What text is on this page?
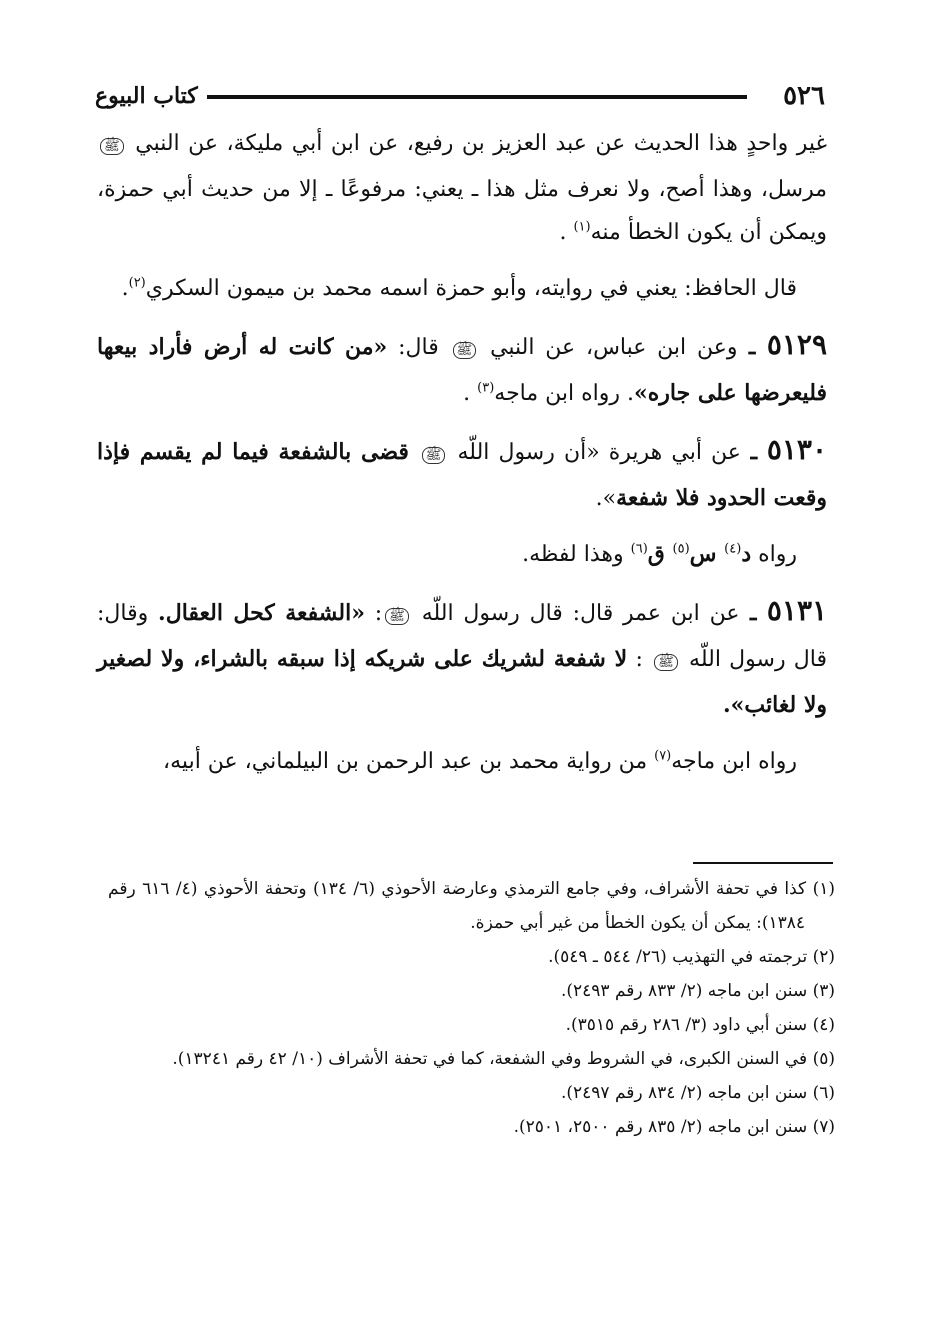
٥٢٦
كتاب البيوع

غير واحدٍ هذا الحديث عن عبد العزيز بن رفيع، عن ابن أبي مليكة، عن النبي ﷺ مرسل، وهذا أصح، ولا نعرف مثل هذا ـ يعني: مرفوعًا ـ إلا من حديث أبي حمزة، ويمكن أن يكون الخطأ منه$^{(١)}$ .

قال الحافظ: يعني في روايته، وأبو حمزة اسمه محمد بن ميمون السكري$^{(٢)}$.

٥١٢٩ ـ وعن ابن عباس، عن النبي ﷺ قال: «من كانت له أرض فأراد بيعها فليعرضها على جاره». رواه ابن ماجه$^{(٣)}$ .

٥١٣٠ ـ عن أبي هريرة «أن رسول اللّه ﷺ قضى بالشفعة فيما لم يقسم فإذا وقعت الحدود فلا شفعة».

رواه د$^{(٤)}$ س$^{(٥)}$ ق$^{(٦)}$ وهذا لفظه.

٥١٣١ ـ عن ابن عمر قال: قال رسول اللّه ﷺ: «الشفعة كحل العقال. وقال: قال رسول اللّه ﷺ : لا شفعة لشريك على شريكه إذا سبقه بالشراء، ولا لصغير ولا لغائب».

رواه ابن ماجه$^{(٧)}$ من رواية محمد بن عبد الرحمن بن البيلماني، عن أبيه،

(١) كذا في تحفة الأشراف، وفي جامع الترمذي وعارضة الأحوذي (٦/ ١٣٤) وتحفة الأحوذي (٤/ ٦١٦ رقم ١٣٨٤): يمكن أن يكون الخطأ من غير أبي حمزة.

(٢) ترجمته في التهذيب (٢٦/ ٥٤٤ ـ ٥٤٩).

(٣) سنن ابن ماجه (٢/ ٨٣٣ رقم ٢٤٩٣).

(٤) سنن أبي داود (٣/ ٢٨٦ رقم ٣٥١٥).

(٥) في السنن الكبرى، في الشروط وفي الشفعة، كما في تحفة الأشراف (١٠/ ٤٢ رقم ١٣٢٤١).

(٦) سنن ابن ماجه (٢/ ٨٣٤ رقم ٢٤٩٧).

(٧) سنن ابن ماجه (٢/ ٨٣٥ رقم ٢٥٠٠، ٢٥٠١).
